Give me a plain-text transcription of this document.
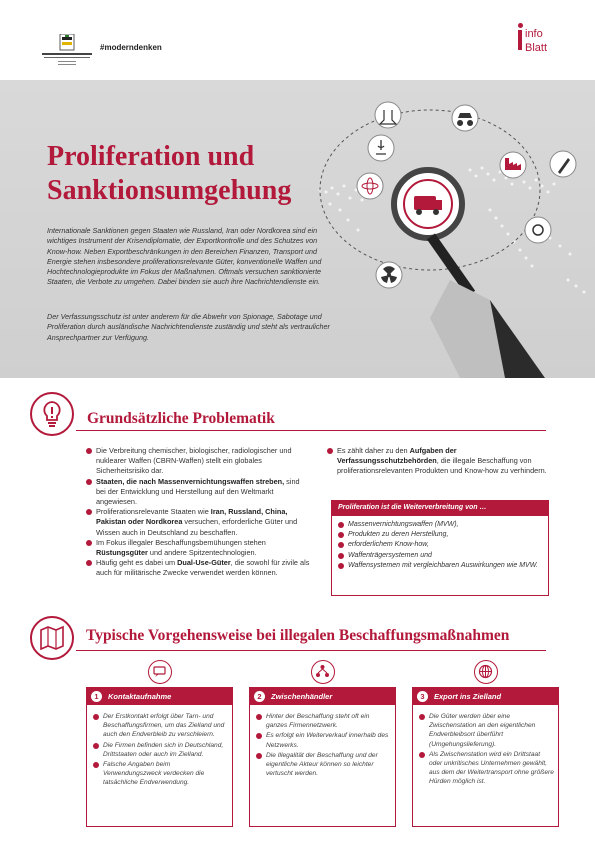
#moderndenken
info
Blatt
Proliferation und
Sanktionsumgehung

Internationale Sanktionen gegen Staaten wie Russland, Iran oder Nordkorea sind ein wichtiges Instrument der Krisendiplomatie, der Exportkontrolle und des Schutzes von Know-how. Neben Exportbeschränkungen in den Bereichen Finanzen, Transport und Energie stehen insbesondere proliferationsrelevante Güter, konventionelle Waffen und Hochtechnologieprodukte im Fokus der Maßnahmen. Oftmals versuchen sanktionierte Staaten, die Verbote zu umgehen. Dabei binden sie auch ihre Nachrichtendienste ein.

Der Verfassungsschutz ist unter anderem für die Abwehr von Spionage, Sabotage und Proliferation durch ausländische Nachrichtendienste zuständig und steht als vertraulicher Ansprechpartner zur Verfügung.

Grundsätzliche Problematik
Die Verbreitung chemischer, biologischer, radiologischer und nuklearer Waffen (CBRN-Waffen) stellt ein globales Sicherheitsrisiko dar.
Staaten, die nach Massenvernichtungswaffen streben, sind bei der Entwicklung und Herstellung auf den Weltmarkt angewiesen.
Proliferationsrelevante Staaten wie Iran, Russland, China, Pakistan oder Nordkorea versuchen, erforderliche Güter und Wissen auch in Deutschland zu beschaffen.
Im Fokus illegaler Beschaffungsbemühungen stehen Rüstungsgüter und andere Spitzentechnologien.
Häufig geht es dabei um Dual-Use-Güter, die sowohl für zivile als auch für militärische Zwecke verwendet werden können.
Es zählt daher zu den Aufgaben der Verfassungsschutzbehörden, die illegale Beschaffung von proliferationsrelevanten Produkten und Know-how zu verhindern.
Proliferation ist die Weiterverbreitung von …
Massenvernichtungswaffen (MVW),
Produkten zu deren Herstellung,
erforderlichem Know-how,
Waffenträgersystemen und
Waffensystemen mit vergleichbaren Auswirkungen wie MVW.
Typische Vorgehensweise bei illegalen Beschaffungsmaßnahmen
1 Kontaktaufnahme
Der Erstkontakt erfolgt über Tarn- und Beschaffungsfirmen, um das Zielland und auch den Endverbleib zu verschleiern.
Die Firmen befinden sich in Deutschland, Drittstaaten oder auch im Zielland.
Falsche Angaben beim Verwendungszweck verdecken die tatsächliche Endverwendung.
2 Zwischenhändler
Hinter der Beschaffung steht oft ein ganzes Firmennetzwerk.
Es erfolgt ein Weiterverkauf innerhalb des Netzwerks.
Die Illegalität der Beschaffung und der eigentliche Akteur können so leichter vertuscht werden.
3 Export ins Zielland
Die Güter werden über eine Zwischenstation an den eigentlichen Endverbleibsort überführt (Umgehungslieferung).
Als Zwischenstation wird ein Drittstaat oder unkritisches Unternehmen gewählt, aus dem der Weitertransport ohne größere Hürden möglich ist.
